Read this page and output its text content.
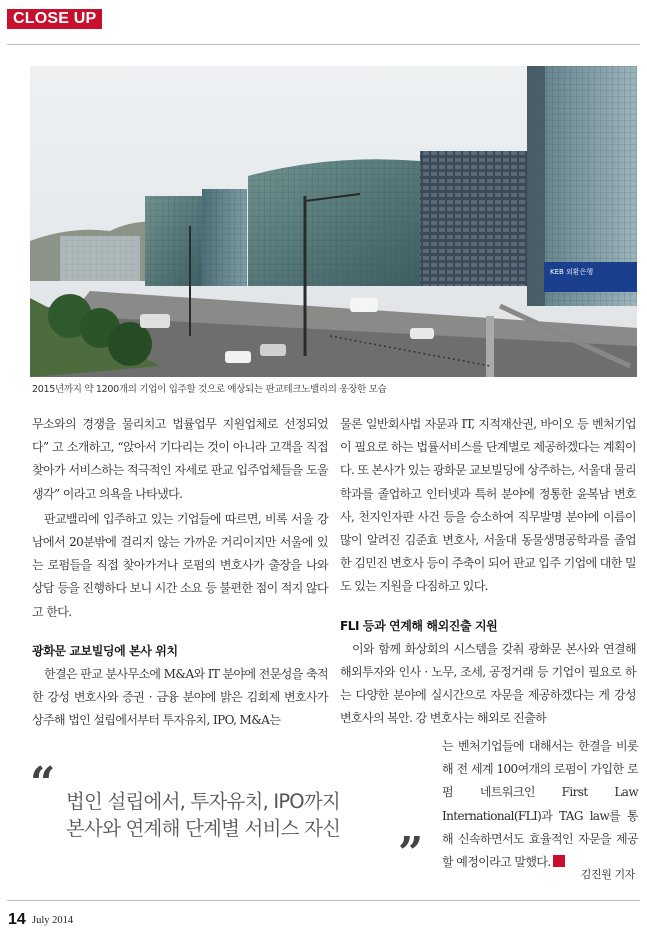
CLOSE UP
KEB 외환은행
2015년까지 약 1200개의 기업이 입주할 것으로 예상되는 판교테크노밸리의 웅장한 모습

무소와의 경쟁을 물리치고 법률업무 지원업체로 선정되었다” 고 소개하고, “앉아서 기다리는 것이 아니라 고객을 직접 찾아가 서비스하는 적극적인 자세로 판교 입주업체들을 도울 생각” 이라고 의욕을 나타냈다.

판교밸리에 입주하고 있는 기업들에 따르면, 비록 서울 강남에서 20분밖에 걸리지 않는 가까운 거리이지만 서울에 있는 로펌들을 직접 찾아가거나 로펌의 변호사가 출장을 나와 상담 등을 진행하다 보니 시간 소요 등 불편한 점이 적지 않다고 한다.

광화문 교보빌딩에 본사 위치

한결은 판교 분사무소에 M&A와 IT 분야에 전문성을 축적한 강성 변호사와 증권 · 금융 분야에 밝은 김회제 변호사가 상주해 법인 설립에서부터 투자유치, IPO, M&A는

물론 일반회사법 자문과 IT, 지적재산권, 바이오 등 벤처기업이 필요로 하는 법률서비스를 단계별로 제공하겠다는 계획이다. 또 본사가 있는 광화문 교보빌딩에 상주하는, 서울대 물리학과를 졸업하고 인터넷과 특허 분야에 정통한 윤복남 변호사, 천지인자판 사건 등을 승소하여 직무발명 분야에 이름이 많이 알려진 김준효 변호사, 서울대 동물생명공학과를 졸업한 김민진 변호사 등이 주축이 되어 판교 입주 기업에 대한 밀도 있는 지원을 다짐하고 있다.

FLI 등과 연계해 해외진출 지원

이와 함께 화상회의 시스템을 갖춰 광화문 본사와 연결해 해외투자와 인사 · 노무, 조세, 공정거래 등 기업이 필요로 하는 다양한 분야에 실시간으로 자문을 제공하겠다는 게 강성 변호사의 복안. 강 변호사는 해외로 진출하

“ 법인 설립에서, 투자유치, IPO까지
본사와 연계해 단계별 서비스 자신	”
는 벤처기업들에 대해서는 한결을 비롯해 전 세계 100여개의 로펌이 가입한 로펌 네트워크인 First Law International(FLI)과 TAG law를 통해 신속하면서도 효율적인 자문을 제공할 예정이라고 말했다.
김진원 기자
14 July 2014
